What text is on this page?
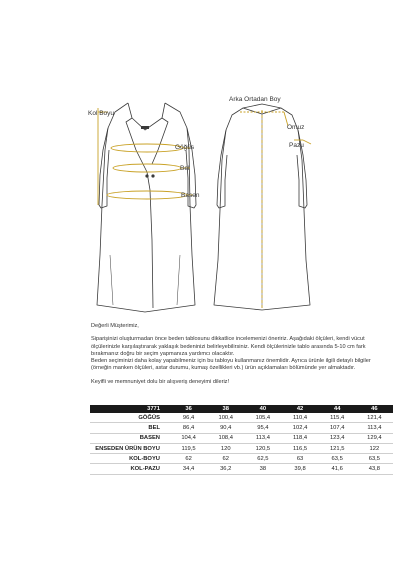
Kol Boyu
Göğüs
Bel
Basen
Arka Ortadan Boy
Omuz
Pazu

Değerli Müşterimiz,

Siparişinizi oluşturmadan önce beden tablosunu dikkatlice incelemenizi öneririz. Aşağıdaki ölçüleri, kendi vücut ölçülerinizle karşılaştırarak yaklaşık bedeninizi belirleyebilirsiniz. Kendi ölçülerinizle tablo arasında 5-10 cm fark bırakmanız doğru bir seçim yapmanıza yardımcı olacaktır.

Beden seçiminizi daha kolay yapabilmeniz için bu tabloyu kullanmanız önemlidir. Ayrıca ürünle ilgili detaylı bilgiler (örneğin manken ölçüleri, astar durumu, kumaş özellikleri vb.) ürün açıklamaları bölümünde yer almaktadır.

Keyifli ve memnuniyet dolu bir alışveriş deneyimi dileriz!

3771	36	38	40	42	44	46
GÖĞÜS	96,4	100,4	105,4	110,4	115,4	121,4
BEL	86,4	90,4	95,4	102,4	107,4	113,4
BASEN	104,4	108,4	113,4	118,4	123,4	129,4
ENSEDEN ÜRÜN BOYU	119,5	120	120,5	116,5	121,5	122
KOL-BOYU	62	62	62,5	63	63,5	63,5
KOL-PAZU	34,4	36,2	38	39,8	41,6	43,8
